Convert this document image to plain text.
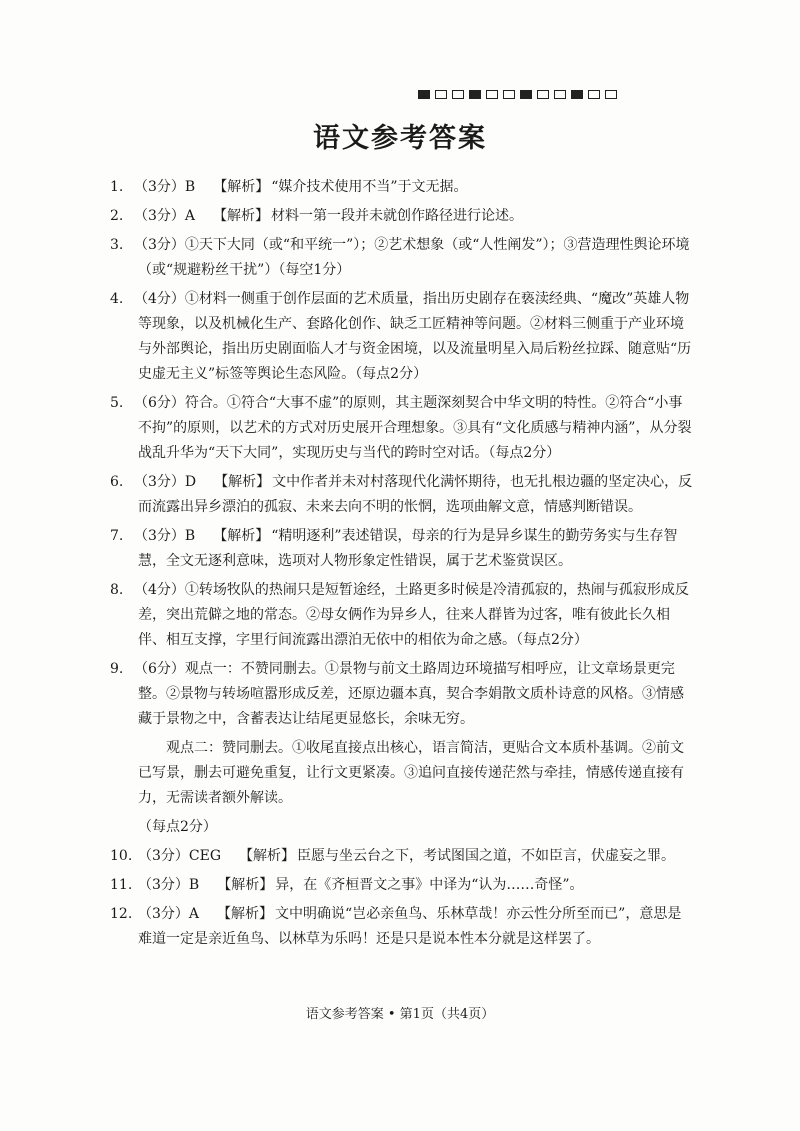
语文参考答案
1. （3分）B 【解析】 “媒介技术使用不当”于文无据。
2. （3分）A 【解析】 材料一第一段并未就创作路径进行论述。
3. （3分）①天下大同（或“和平统一”）；②艺术想象（或“人性阐发”）；③营造理性舆论环境（或“规避粉丝干扰”）（每空1分）
4. （4分）①材料一侧重于创作层面的艺术质量，指出历史剧存在亵渎经典、“魔改”英雄人物等现象，以及机械化生产、套路化创作、缺乏工匠精神等问题。②材料三侧重于产业环境与外部舆论，指出历史剧面临人才与资金困境，以及流量明星入局后粉丝拉踩、随意贴“历史虚无主义”标签等舆论生态风险。（每点2分）
5. （6分）符合。①符合“大事不虚”的原则，其主题深刻契合中华文明的特性。②符合“小事不拘”的原则，以艺术的方式对历史展开合理想象。③具有“文化质感与精神内涵”，从分裂战乱升华为“天下大同”，实现历史与当代的跨时空对话。（每点2分）
6. （3分）D 【解析】 文中作者并未对村落现代化满怀期待，也无扎根边疆的坚定决心，反而流露出异乡漂泊的孤寂、未来去向不明的怅惘，选项曲解文意，情感判断错误。
7. （3分）B 【解析】 “精明逐利”表述错误，母亲的行为是异乡谋生的勤劳务实与生存智慧，全文无逐利意味，选项对人物形象定性错误，属于艺术鉴赏误区。
8. （4分）①转场牧队的热闹只是短暂途经，土路更多时候是冷清孤寂的，热闹与孤寂形成反差，突出荒僻之地的常态。②母女俩作为异乡人，往来人群皆为过客，唯有彼此长久相伴、相互支撑，字里行间流露出漂泊无依中的相依为命之感。（每点2分）
9. （6分）观点一：不赞同删去。①景物与前文土路周边环境描写相呼应，让文章场景更完整。②景物与转场喧嚣形成反差，还原边疆本真，契合李娟散文质朴诗意的风格。③情感藏于景物之中，含蓄表达让结尾更显悠长，余味无穷。
观点二：赞同删去。①收尾直接点出核心，语言简洁，更贴合文本质朴基调。②前文已写景，删去可避免重复，让行文更紧凑。③追问直接传递茫然与牵挂，情感传递直接有力，无需读者额外解读。
（每点2分）
10. （3分）CEG 【解析】 臣愿与坐云台之下，考试图国之道，不如臣言，伏虚妄之罪。
11. （3分）B 【解析】 异，在《齐桓晋文之事》中译为“认为……奇怪”。
12. （3分）A 【解析】 文中明确说“岂必亲鱼鸟、乐林草哉！亦云性分所至而已”，意思是难道一定是亲近鱼鸟、以林草为乐吗！还是只是说本性本分就是这样罢了。
语文参考答案 • 第1页（共4页）
